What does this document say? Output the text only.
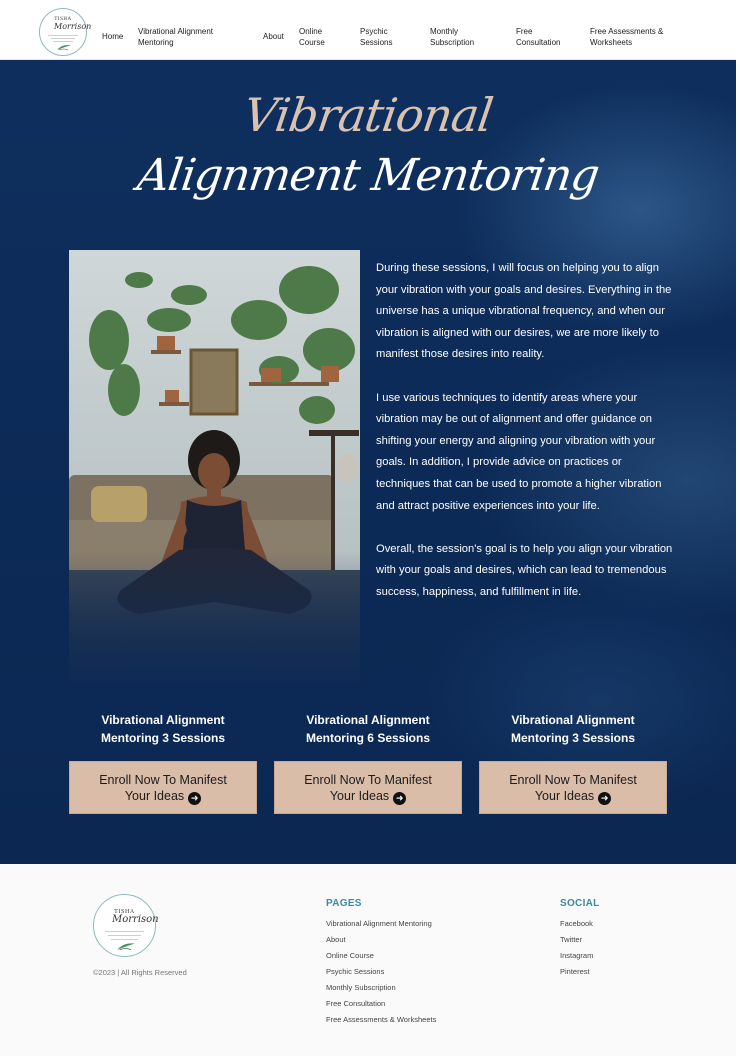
TISHA
Morrison
Home
Vibrational Alignment
Mentoring
About
Online
Course
Psychic
Sessions
Monthly
Subscription
Free
Consultation
Free Assessments &
Worksheets
Vibrational
Alignment Mentoring

During these sessions, I will focus on helping you to align your vibration with your goals and desires. Everything in the universe has a unique vibrational frequency, and when our vibration is aligned with our desires, we are more likely to manifest those desires into reality.

I use various techniques to identify areas where your vibration may be out of alignment and offer guidance on shifting your energy and aligning your vibration with your goals. In addition, I provide advice on practices or techniques that can be used to promote a higher vibration and attract positive experiences into your life.

Overall, the session's goal is to help you align your vibration with your goals and desires, which can lead to tremendous success, happiness, and fulfillment in life.

Vibrational Alignment
Mentoring 3 Sessions
Enroll Now To Manifest
Your Ideas ➜
Vibrational Alignment
Mentoring 6 Sessions
Enroll Now To Manifest
Your Ideas ➜
Vibrational Alignment
Mentoring 3 Sessions
Enroll Now To Manifest
Your Ideas ➜
TISHA
Morrison
©2023 | All Rights Reserved
PAGES
Vibrational Alignment Mentoring
About
Online Course
Psychic Sessions
Monthly Subscription
Free Consultation
Free Assessments & Worksheets
SOCIAL
Facebook
Twitter
Instagram
Pinterest
